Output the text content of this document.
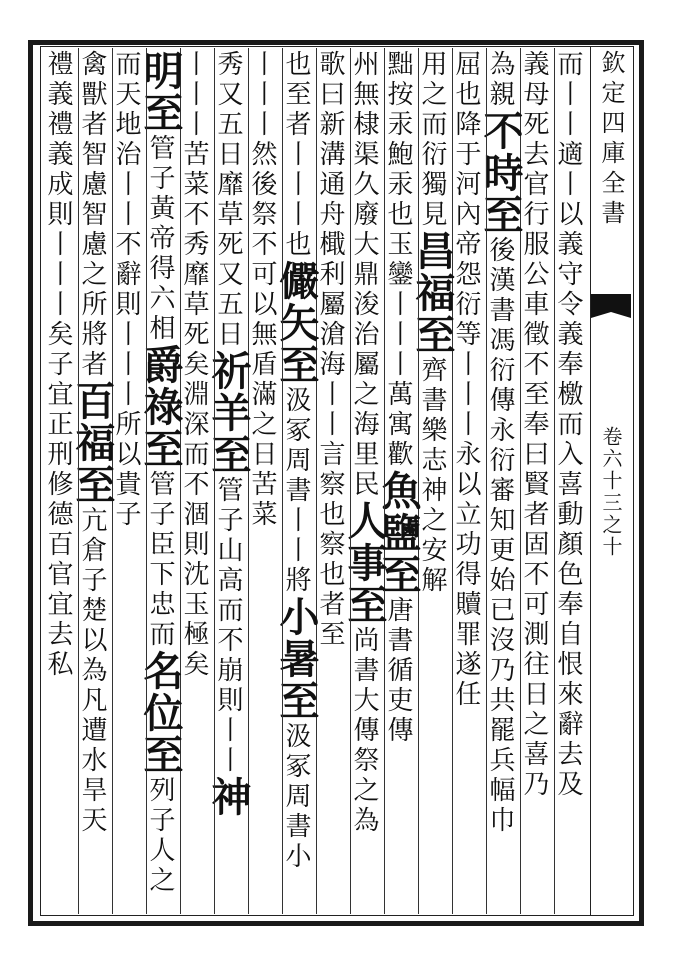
欽定四庫全書
卷六十三之十
而丨丨適丨以義守令義奉檄而入喜動顏色奉自恨來辭去及
義母死去官行服公車徵不至奉曰賢者固不可測往日之喜乃
為親不時至後漢書馮衍傳永衍審知更始已沒乃共罷兵幅巾
屈也降于河內帝怨衍等丨丨丨永以立功得贖罪遂任
用之而衍獨見昌福至齊書樂志神之安解
黜按汞鮑汞也玉鑾丨丨丨萬寓歡魚鹽至唐書循吏傳
州無棣渠久廢大鼎浚治屬之海里民人事至尚書大傳祭之為
歌曰新溝通舟檝利屬滄海丨丨言察也察也者至
也至者丨丨丨也儼矢至汲冢周書丨丨將小暑至汲冢周書小
丨丨丨然後祭不可以無盾滿之日苦菜
秀又五日靡草死又五日祈羊至管子山高而不崩則丨丨神
丨丨丨苦菜不秀靡草死矣淵深而不涸則沈玉極矣
明至管子黃帝得六相爵祿至管子臣下忠而名位至列子人之
而天地治丨丨不辭則丨丨丨所以貴子
禽獸者智慮智慮之所將者百福至亢倉子楚以為凡遭水旱天
禮義禮義成則丨丨丨矣子宜正刑修德百官宜去私
